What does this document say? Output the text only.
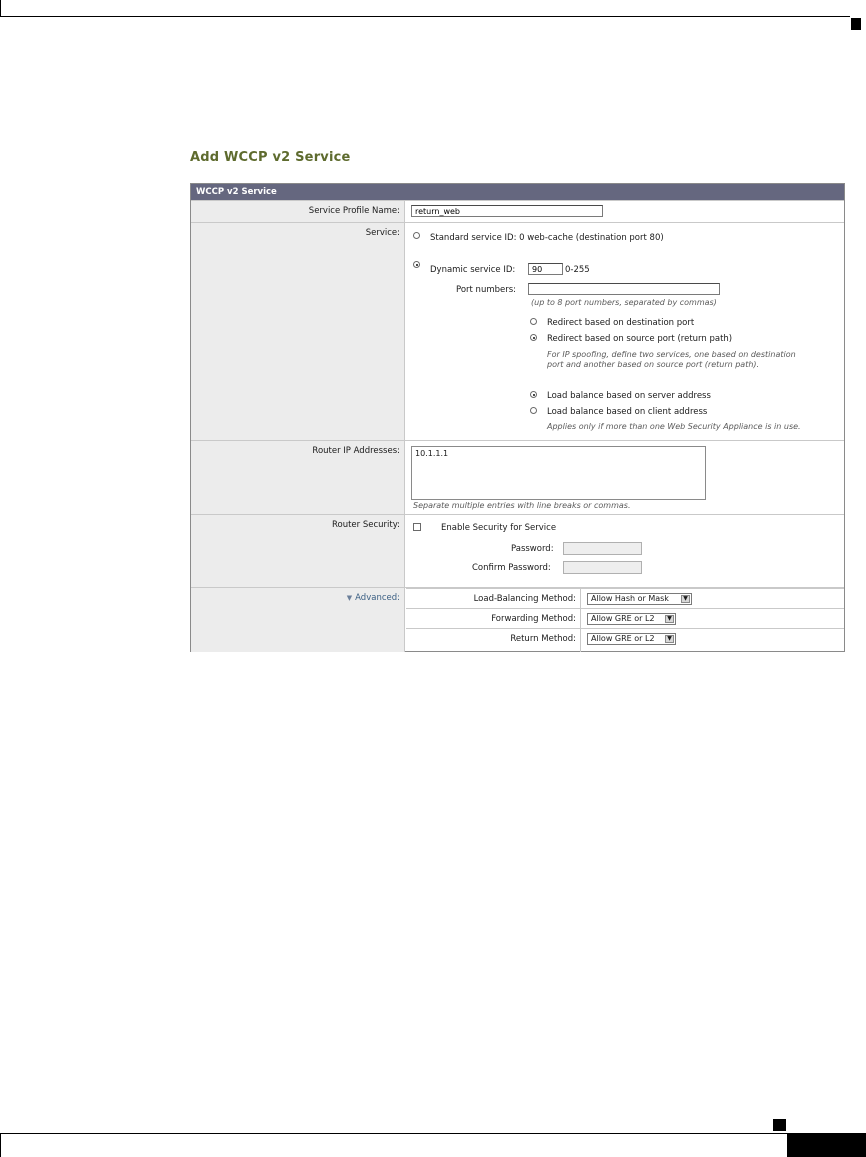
Add WCCP v2 Service
WCCP v2 Service
Service Profile Name:	return_web
Service:	Standard service ID: 0 web-cache (destination port 80)
Dynamic service ID:	90	0-255
Port numbers:
(up to 8 port numbers, separated by commas)
Redirect based on destination port
Redirect based on source port (return path)
For IP spoofing, define two services, one based on destination
port and another based on source port (return path).
Load balance based on server address
Load balance based on client address
Applies only if more than one Web Security Appliance is in use.
Router IP Addresses:	10.1.1.1
Separate multiple entries with line breaks or commas.
Router Security:	Enable Security for Service
Password:
Confirm Password:
▼ Advanced:	Load-Balancing Method:	Allow Hash or Mask	▼
Forwarding Method:	Allow GRE or L2	▼
Return Method:	Allow GRE or L2	▼
